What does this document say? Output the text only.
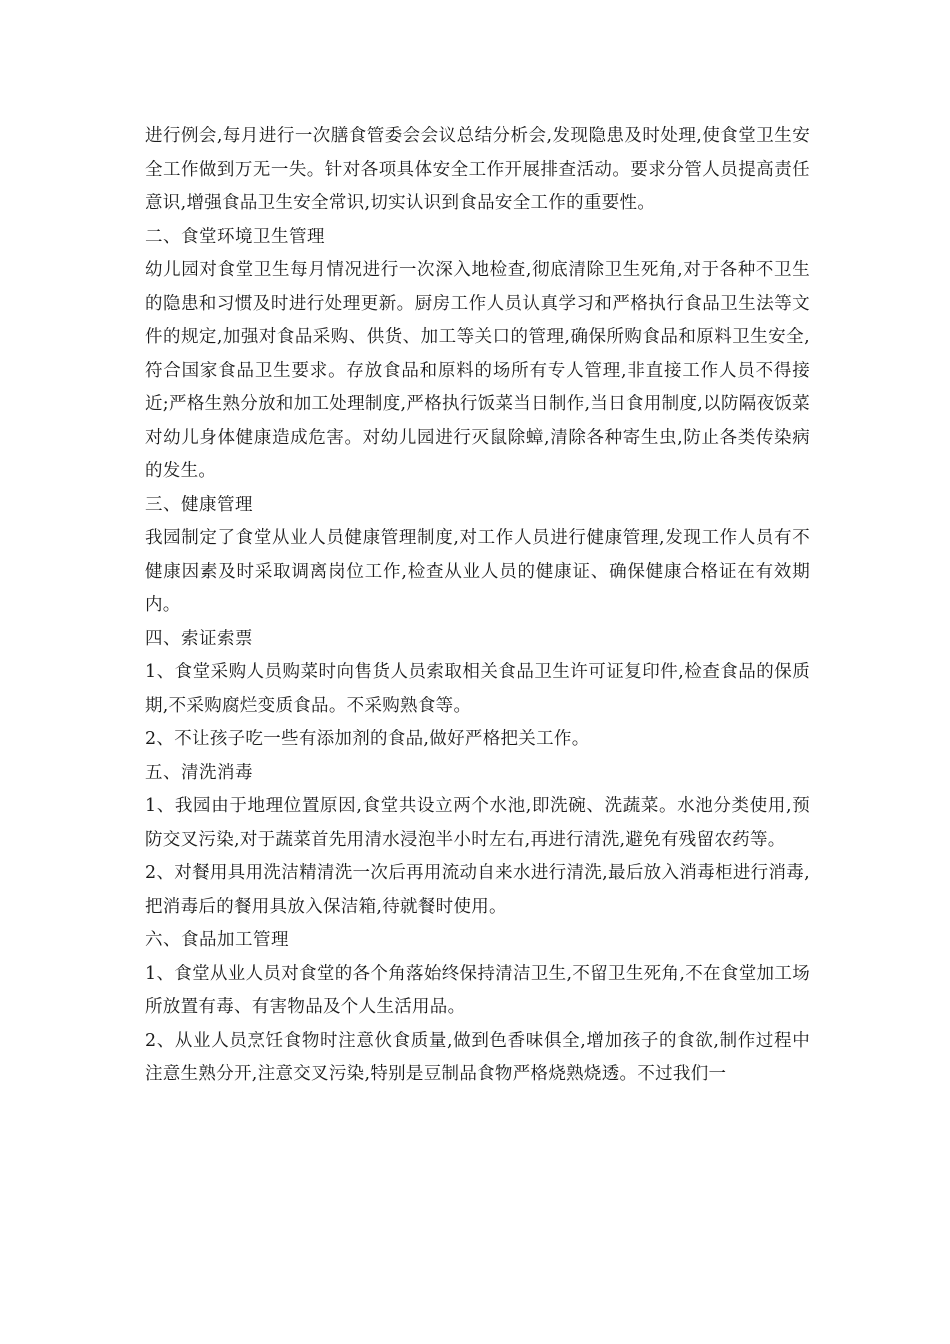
进行例会,每月进行一次膳食管委会会议总结分析会,发现隐患及时处理,使食堂卫生安全工作做到万无一失。针对各项具体安全工作开展排查活动。要求分管人员提高责任意识,增强食品卫生安全常识,切实认识到食品安全工作的重要性。

二、食堂环境卫生管理

幼儿园对食堂卫生每月情况进行一次深入地检查,彻底清除卫生死角,对于各种不卫生的隐患和习惯及时进行处理更新。厨房工作人员认真学习和严格执行食品卫生法等文件的规定,加强对食品采购、供货、加工等关口的管理,确保所购食品和原料卫生安全,符合国家食品卫生要求。存放食品和原料的场所有专人管理,非直接工作人员不得接近;严格生熟分放和加工处理制度,严格执行饭菜当日制作,当日食用制度,以防隔夜饭菜对幼儿身体健康造成危害。对幼儿园进行灭鼠除蟑,清除各种寄生虫,防止各类传染病的发生。

三、健康管理

我园制定了食堂从业人员健康管理制度,对工作人员进行健康管理,发现工作人员有不健康因素及时采取调离岗位工作,检查从业人员的健康证、确保健康合格证在有效期内。

四、索证索票

1、食堂采购人员购菜时向售货人员索取相关食品卫生许可证复印件,检查食品的保质期,不采购腐烂变质食品。不采购熟食等。

2、不让孩子吃一些有添加剂的食品,做好严格把关工作。

五、清洗消毒

1、我园由于地理位置原因,食堂共设立两个水池,即洗碗、洗蔬菜。水池分类使用,预防交叉污染,对于蔬菜首先用清水浸泡半小时左右,再进行清洗,避免有残留农药等。

2、对餐用具用洗洁精清洗一次后再用流动自来水进行清洗,最后放入消毒柜进行消毒,把消毒后的餐用具放入保洁箱,待就餐时使用。

六、食品加工管理

1、食堂从业人员对食堂的各个角落始终保持清洁卫生,不留卫生死角,不在食堂加工场所放置有毒、有害物品及个人生活用品。

2、从业人员烹饪食物时注意伙食质量,做到色香味俱全,增加孩子的食欲,制作过程中注意生熟分开,注意交叉污染,特别是豆制品食物严格烧熟烧透。不过我们一
